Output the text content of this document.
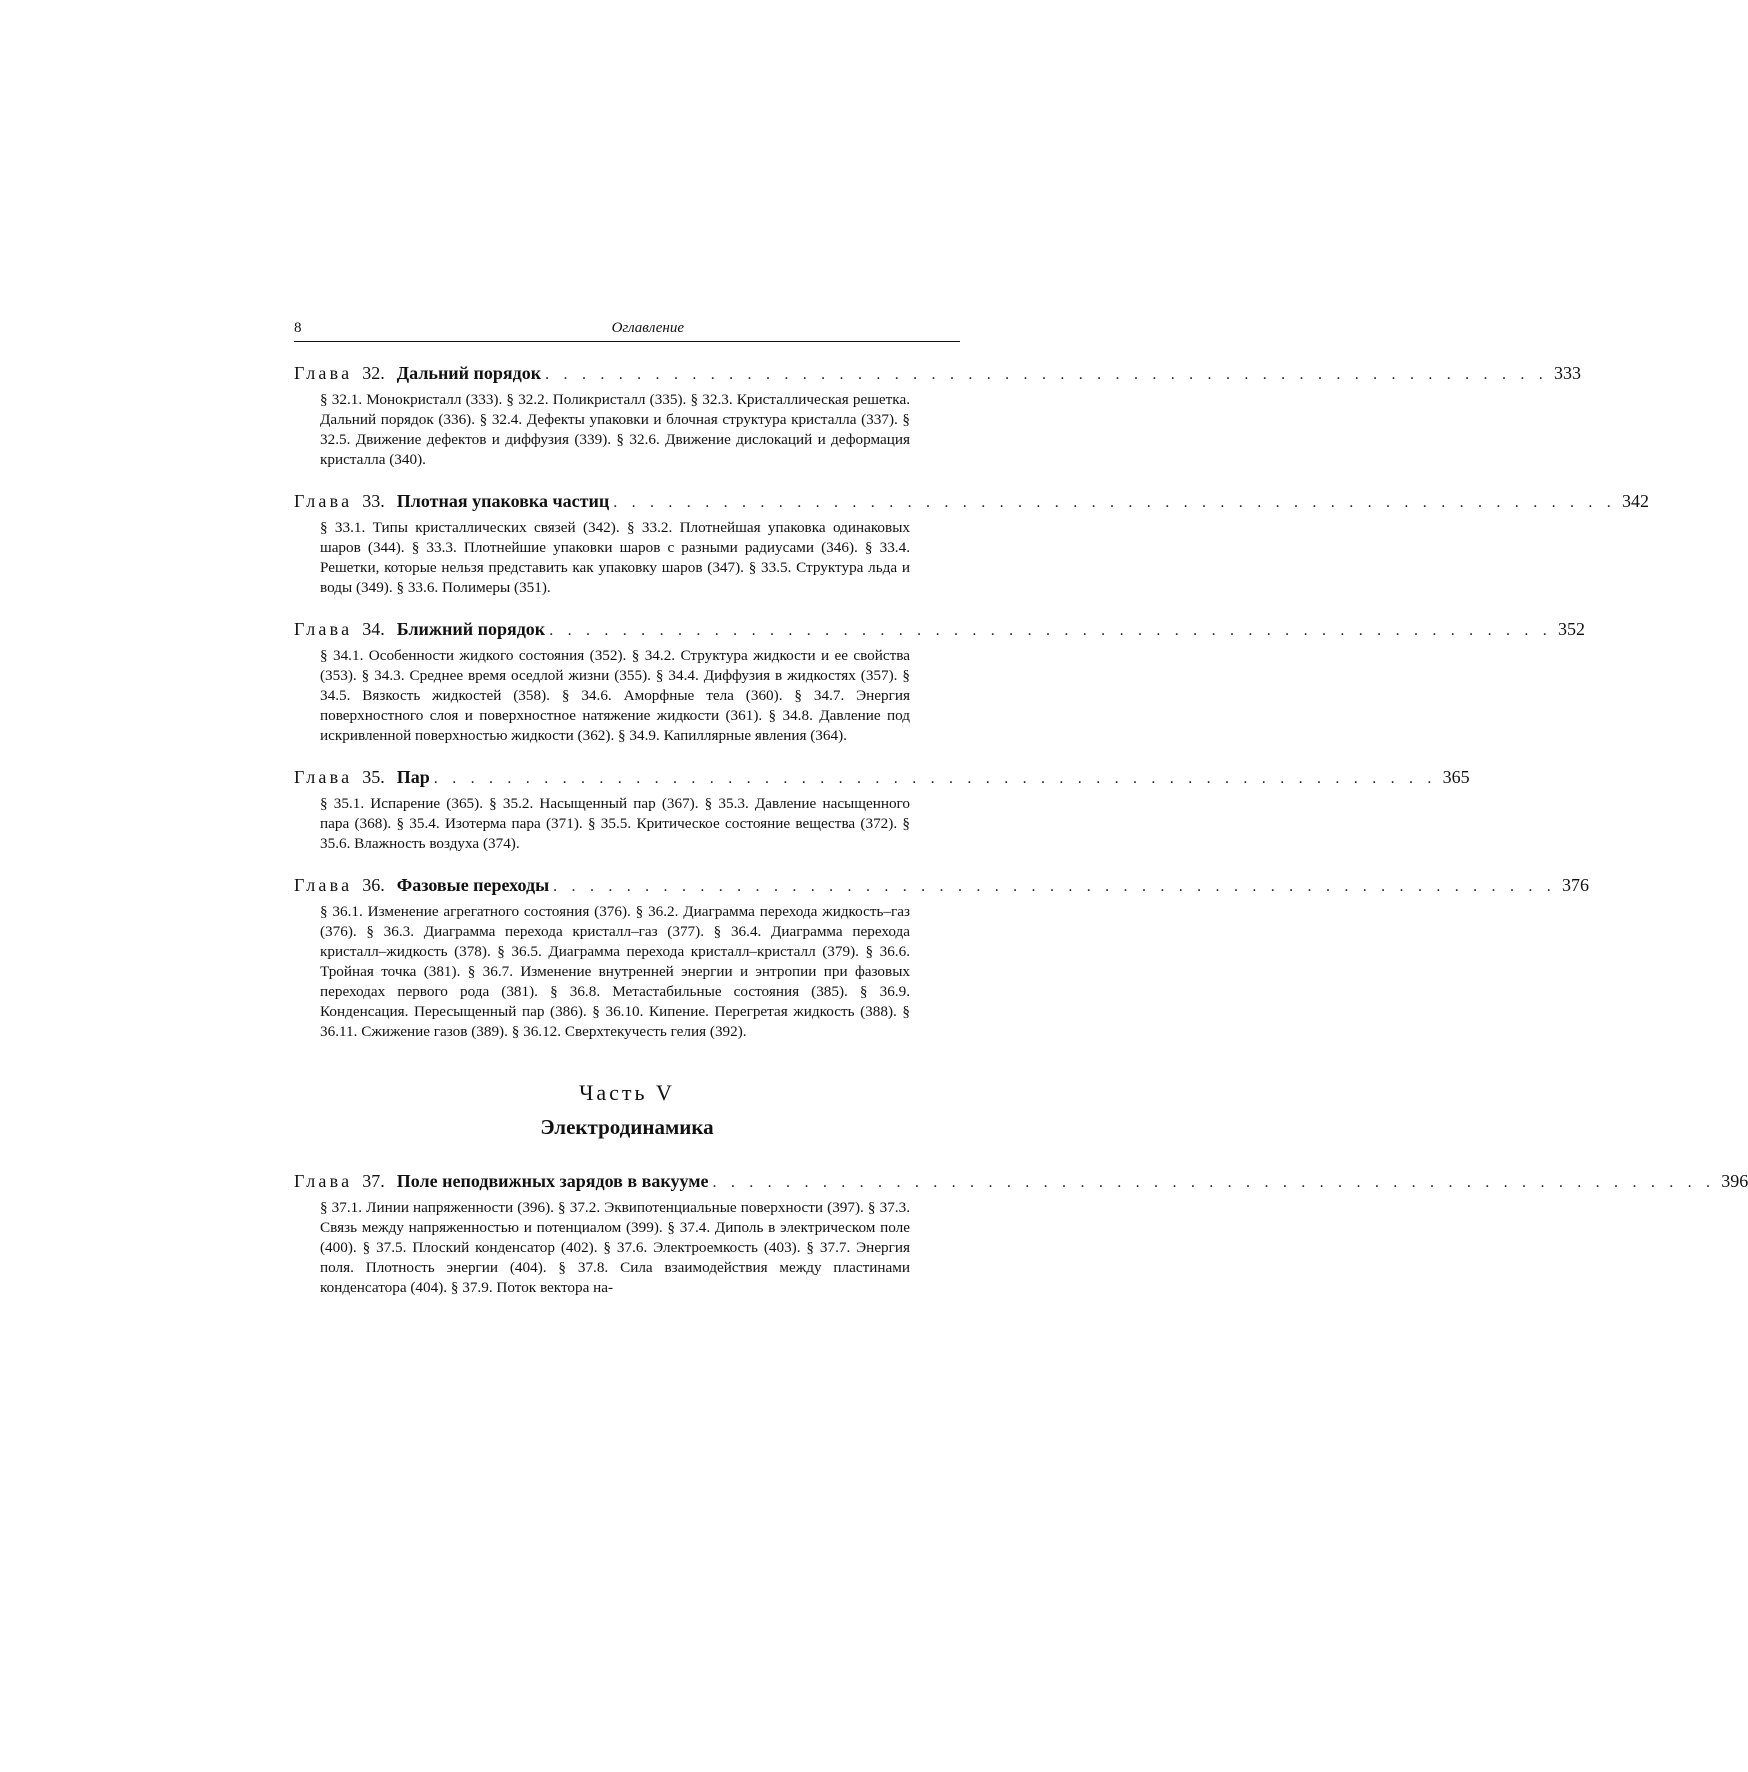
8	Оглавление
Глава 32. Дальний порядок . . . . . . . . . . . . . . . . . . . . . . . . . . . . . . . . . . . . . . . . . . . . . . . . . . . . . . . 333
§ 32.1. Монокристалл (333). § 32.2. Поликристалл (335). § 32.3. Кристаллическая решетка. Дальний порядок (336). § 32.4. Дефекты упаковки и блочная структура кристалла (337). § 32.5. Движение дефектов и диффузия (339). § 32.6. Движение дислокаций и деформация кристалла (340).
Глава 33. Плотная упаковка частиц . . . . . . . . . . . . . . . . . . . . . . . . . . . . . . . . . . . . . . . . . . . . . . . . . . . . . . . 342
§ 33.1. Типы кристаллических связей (342). § 33.2. Плотнейшая упаковка одинаковых шаров (344). § 33.3. Плотнейшие упаковки шаров с разными радиусами (346). § 33.4. Решетки, которые нельзя представить как упаковку шаров (347). § 33.5. Структура льда и воды (349). § 33.6. Полимеры (351).
Глава 34. Ближний порядок . . . . . . . . . . . . . . . . . . . . . . . . . . . . . . . . . . . . . . . . . . . . . . . . . . . . . . . 352
§ 34.1. Особенности жидкого состояния (352). § 34.2. Структура жидкости и ее свойства (353). § 34.3. Среднее время оседлой жизни (355). § 34.4. Диффузия в жидкостях (357). § 34.5. Вязкость жидкостей (358). § 34.6. Аморфные тела (360). § 34.7. Энергия поверхностного слоя и поверхностное натяжение жидкости (361). § 34.8. Давление под искривленной поверхностью жидкости (362). § 34.9. Капиллярные явления (364).
Глава 35. Пар . . . . . . . . . . . . . . . . . . . . . . . . . . . . . . . . . . . . . . . . . . . . . . . . . . . . . . . 365
§ 35.1. Испарение (365). § 35.2. Насыщенный пар (367). § 35.3. Давление насыщенного пара (368). § 35.4. Изотерма пара (371). § 35.5. Критическое состояние вещества (372). § 35.6. Влажность воздуха (374).
Глава 36. Фазовые переходы . . . . . . . . . . . . . . . . . . . . . . . . . . . . . . . . . . . . . . . . . . . . . . . . . . . . . . . 376
§ 36.1. Изменение агрегатного состояния (376). § 36.2. Диаграмма перехода жидкость–газ (376). § 36.3. Диаграмма перехода кристалл–газ (377). § 36.4. Диаграмма перехода кристалл–жидкость (378). § 36.5. Диаграмма перехода кристалл–кристалл (379). § 36.6. Тройная точка (381). § 36.7. Изменение внутренней энергии и энтропии при фазовых переходах первого рода (381). § 36.8. Метастабильные состояния (385). § 36.9. Конденсация. Пересыщенный пар (386). § 36.10. Кипение. Перегретая жидкость (388). § 36.11. Сжижение газов (389). § 36.12. Сверхтекучесть гелия (392).
Часть V
Электродинамика
Глава 37. Поле неподвижных зарядов в вакууме . . . . . . . . . . . . . . . . . . . . . . . . . . . . . . . . . . . . . . . . . . . . . . . . . . . . . . . 396
§ 37.1. Линии напряженности (396). § 37.2. Эквипотенциальные поверхности (397). § 37.3. Связь между напряженностью и потенциалом (399). § 37.4. Диполь в электрическом поле (400). § 37.5. Плоский конденсатор (402). § 37.6. Электроемкость (403). § 37.7. Энергия поля. Плотность энергии (404). § 37.8. Сила взаимодействия между пластинами конденсатора (404). § 37.9. Поток вектора на-
